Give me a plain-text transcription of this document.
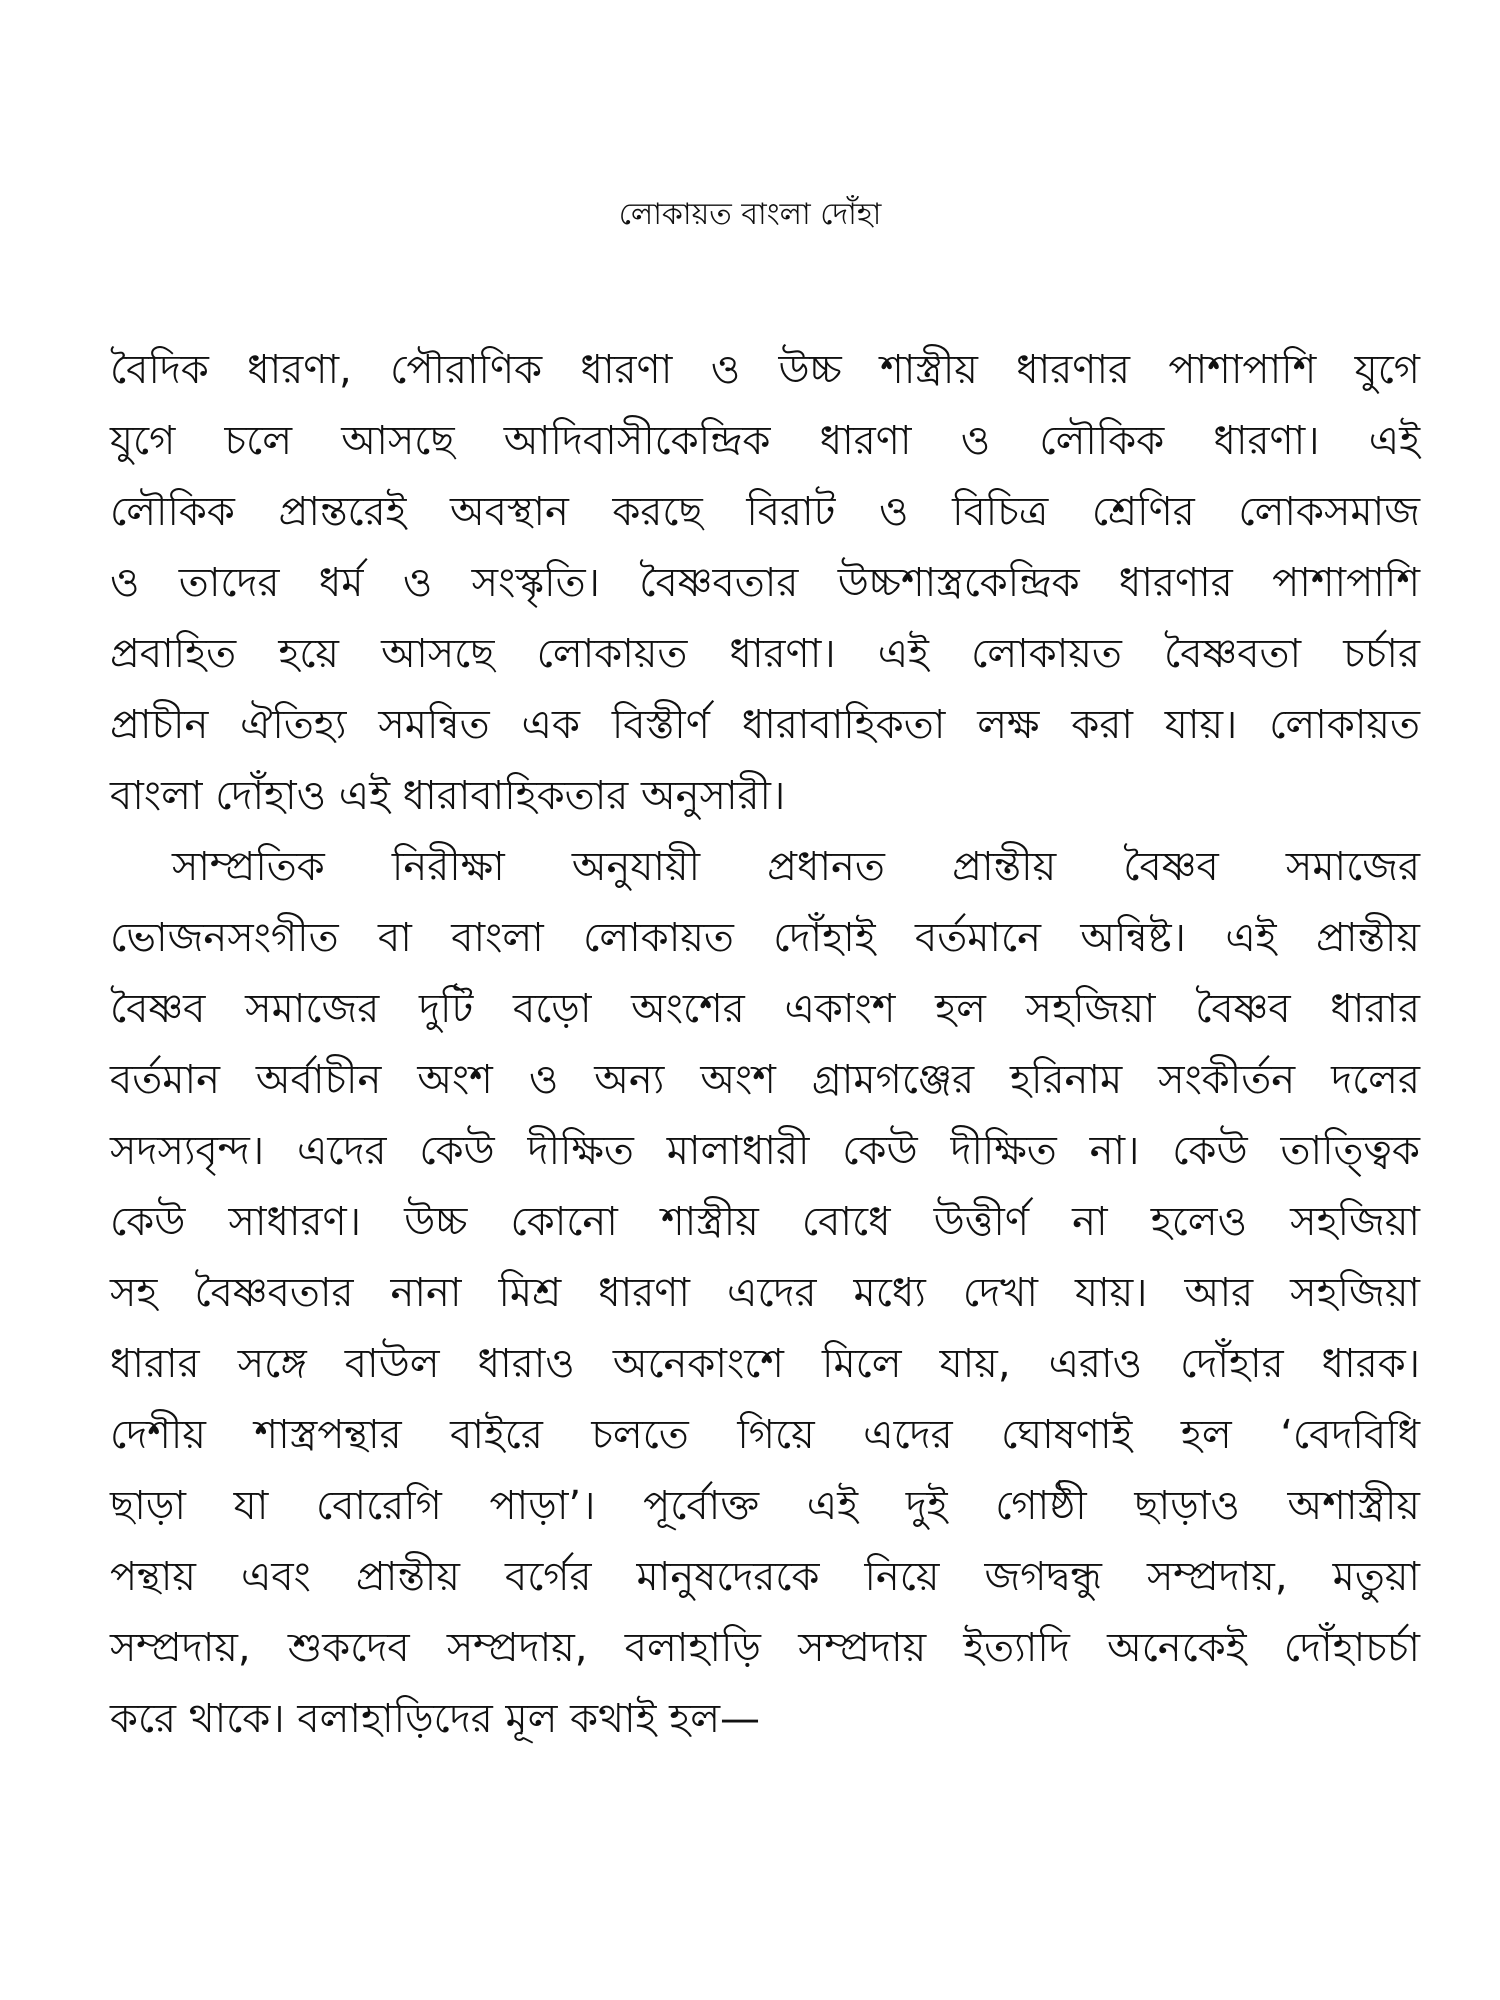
লোকায়ত বাংলা দোঁহা
বৈদিক ধারণা, পৌরাণিক ধারণা ও উচ্চ শাস্ত্রীয় ধারণার পাশাপাশি যুগে
যুগে চলে আসছে আদিবাসীকেন্দ্রিক ধারণা ও লৌকিক ধারণা। এই
লৌকিক প্রান্তরেই অবস্থান করছে বিরাট ও বিচিত্র শ্রেণির লোকসমাজ
ও তাদের ধর্ম ও সংস্কৃতি। বৈষ্ণবতার উচ্চশাস্ত্রকেন্দ্রিক ধারণার পাশাপাশি
প্রবাহিত হয়ে আসছে লোকায়ত ধারণা। এই লোকায়ত বৈষ্ণবতা চর্চার
প্রাচীন ঐতিহ্য সমন্বিত এক বিস্তীর্ণ ধারাবাহিকতা লক্ষ করা যায়। লোকায়ত
বাংলা দোঁহাও এই ধারাবাহিকতার অনুসারী।
সাম্প্রতিক নিরীক্ষা অনুযায়ী প্রধানত প্রান্তীয় বৈষ্ণব সমাজের
ভোজনসংগীত বা বাংলা লোকায়ত দোঁহাই বর্তমানে অন্বিষ্ট। এই প্রান্তীয়
বৈষ্ণব সমাজের দুটি বড়ো অংশের একাংশ হল সহজিয়া বৈষ্ণব ধারার
বর্তমান অর্বাচীন অংশ ও অন্য অংশ গ্রামগঞ্জের হরিনাম সংকীর্তন দলের
সদস্যবৃন্দ। এদের কেউ দীক্ষিত মালাধারী কেউ দীক্ষিত না। কেউ তাত্ত্বিক
কেউ সাধারণ। উচ্চ কোনো শাস্ত্রীয় বোধে উত্তীর্ণ না হলেও সহজিয়া
সহ বৈষ্ণবতার নানা মিশ্র ধারণা এদের মধ্যে দেখা যায়। আর সহজিয়া
ধারার সঙ্গে বাউল ধারাও অনেকাংশে মিলে যায়, এরাও দোঁহার ধারক।
দেশীয় শাস্ত্রপন্থার বাইরে চলতে গিয়ে এদের ঘোষণাই হল ‘বেদবিধি
ছাড়া যা বোরেগি পাড়া’। পূর্বোক্ত এই দুই গোষ্ঠী ছাড়াও অশাস্ত্রীয়
পন্থায় এবং প্রান্তীয় বর্গের মানুষদেরকে নিয়ে জগদ্বন্ধু সম্প্রদায়, মতুয়া
সম্প্রদায়, শুকদেব সম্প্রদায়, বলাহাড়ি সম্প্রদায় ইত্যাদি অনেকেই দোঁহাচর্চা
করে থাকে। বলাহাড়িদের মূল কথাই হল—
